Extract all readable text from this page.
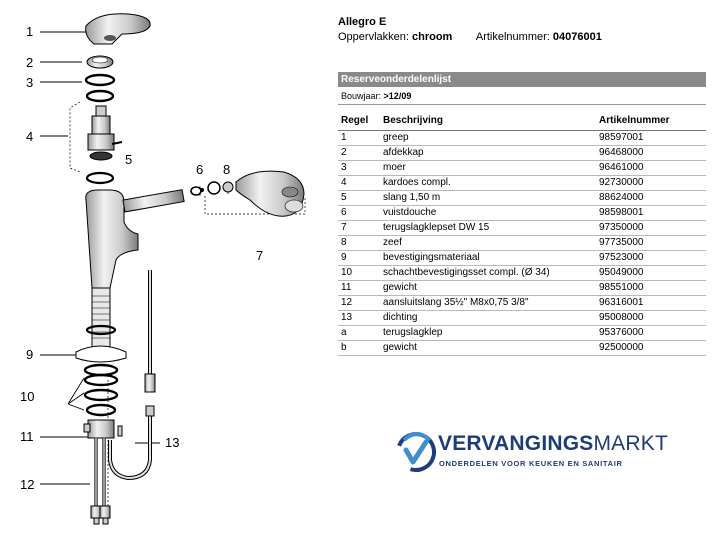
1
2
3
4
5
6 8
7
9
10
11
12
13
Allegro E
Oppervlakken: chroom Artikelnummer: 04076001
Reserveonderdelenlijst
Bouwjaar: >12/09
Regel	Beschrijving	Artikelnummer
1	greep	98597001
2	afdekkap	96468000
3	moer	96461000
4	kardoes compl.	92730000
5	slang 1,50 m	88624000
6	vuistdouche	98598001
7	terugslagklepset DW 15	97350000
8	zeef	97735000
9	bevestigingsmateriaal	97523000
10	schachtbevestigingsset compl. (Ø 34)	95049000
11	gewicht	98551000
12	aansluitslang 35½" M8x0,75 3/8"	96316001
13	dichting	95008000
a	terugslagklep	95376000
b	gewicht	92500000
VERVANGINGSMARKT
ONDERDELEN VOOR KEUKEN EN SANITAIR
